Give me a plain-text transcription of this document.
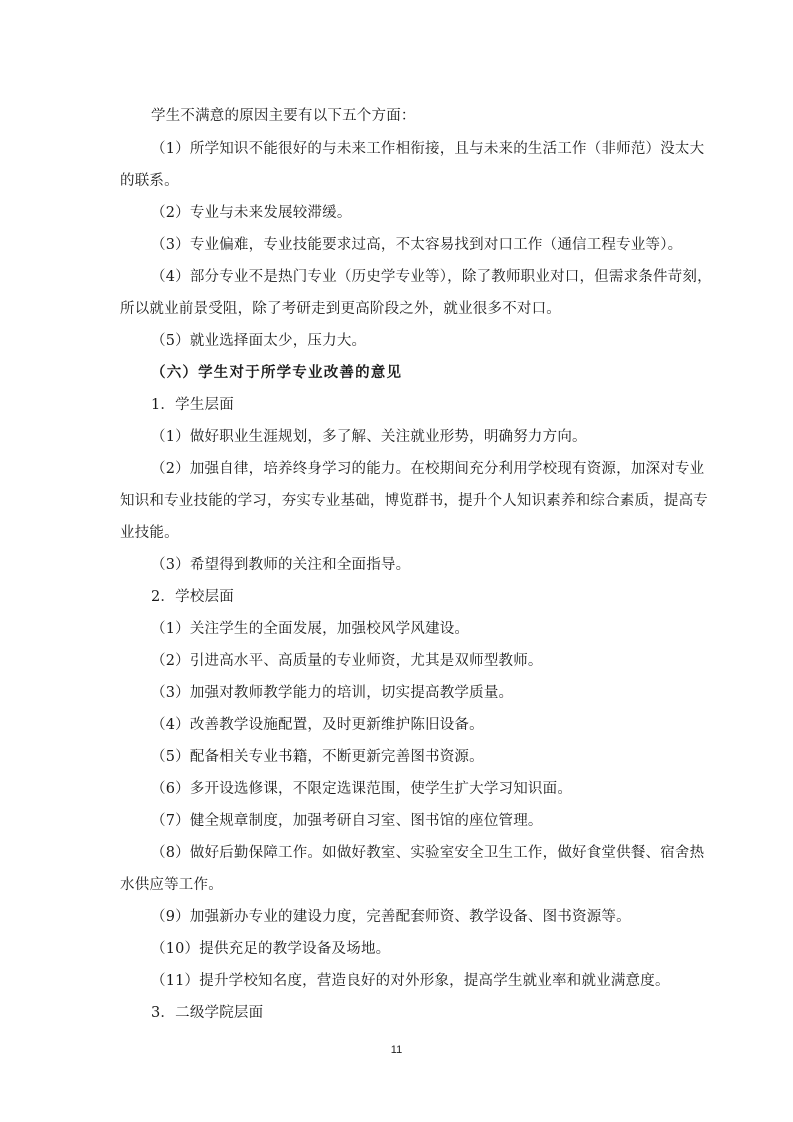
学生不满意的原因主要有以下五个方面：
（1）所学知识不能很好的与未来工作相衔接，且与未来的生活工作（非师范）没太大
的联系。
（2）专业与未来发展较滞缓。
（3）专业偏难，专业技能要求过高，不太容易找到对口工作（通信工程专业等）。
（4）部分专业不是热门专业（历史学专业等），除了教师职业对口，但需求条件苛刻，
所以就业前景受阻，除了考研走到更高阶段之外，就业很多不对口。
（5）就业选择面太少，压力大。
（六）学生对于所学专业改善的意见
1．学生层面
（1）做好职业生涯规划，多了解、关注就业形势，明确努力方向。
（2）加强自律，培养终身学习的能力。在校期间充分利用学校现有资源，加深对专业
知识和专业技能的学习，夯实专业基础，博览群书，提升个人知识素养和综合素质，提高专
业技能。
（3）希望得到教师的关注和全面指导。
2．学校层面
（1）关注学生的全面发展，加强校风学风建设。
（2）引进高水平、高质量的专业师资，尤其是双师型教师。
（3）加强对教师教学能力的培训，切实提高教学质量。
（4）改善教学设施配置，及时更新维护陈旧设备。
（5）配备相关专业书籍，不断更新完善图书资源。
（6）多开设选修课，不限定选课范围，使学生扩大学习知识面。
（7）健全规章制度，加强考研自习室、图书馆的座位管理。
（8）做好后勤保障工作。如做好教室、实验室安全卫生工作，做好食堂供餐、宿舍热
水供应等工作。
（9）加强新办专业的建设力度，完善配套师资、教学设备、图书资源等。
（10）提供充足的教学设备及场地。
（11）提升学校知名度，营造良好的对外形象，提高学生就业率和就业满意度。
3．二级学院层面
11
